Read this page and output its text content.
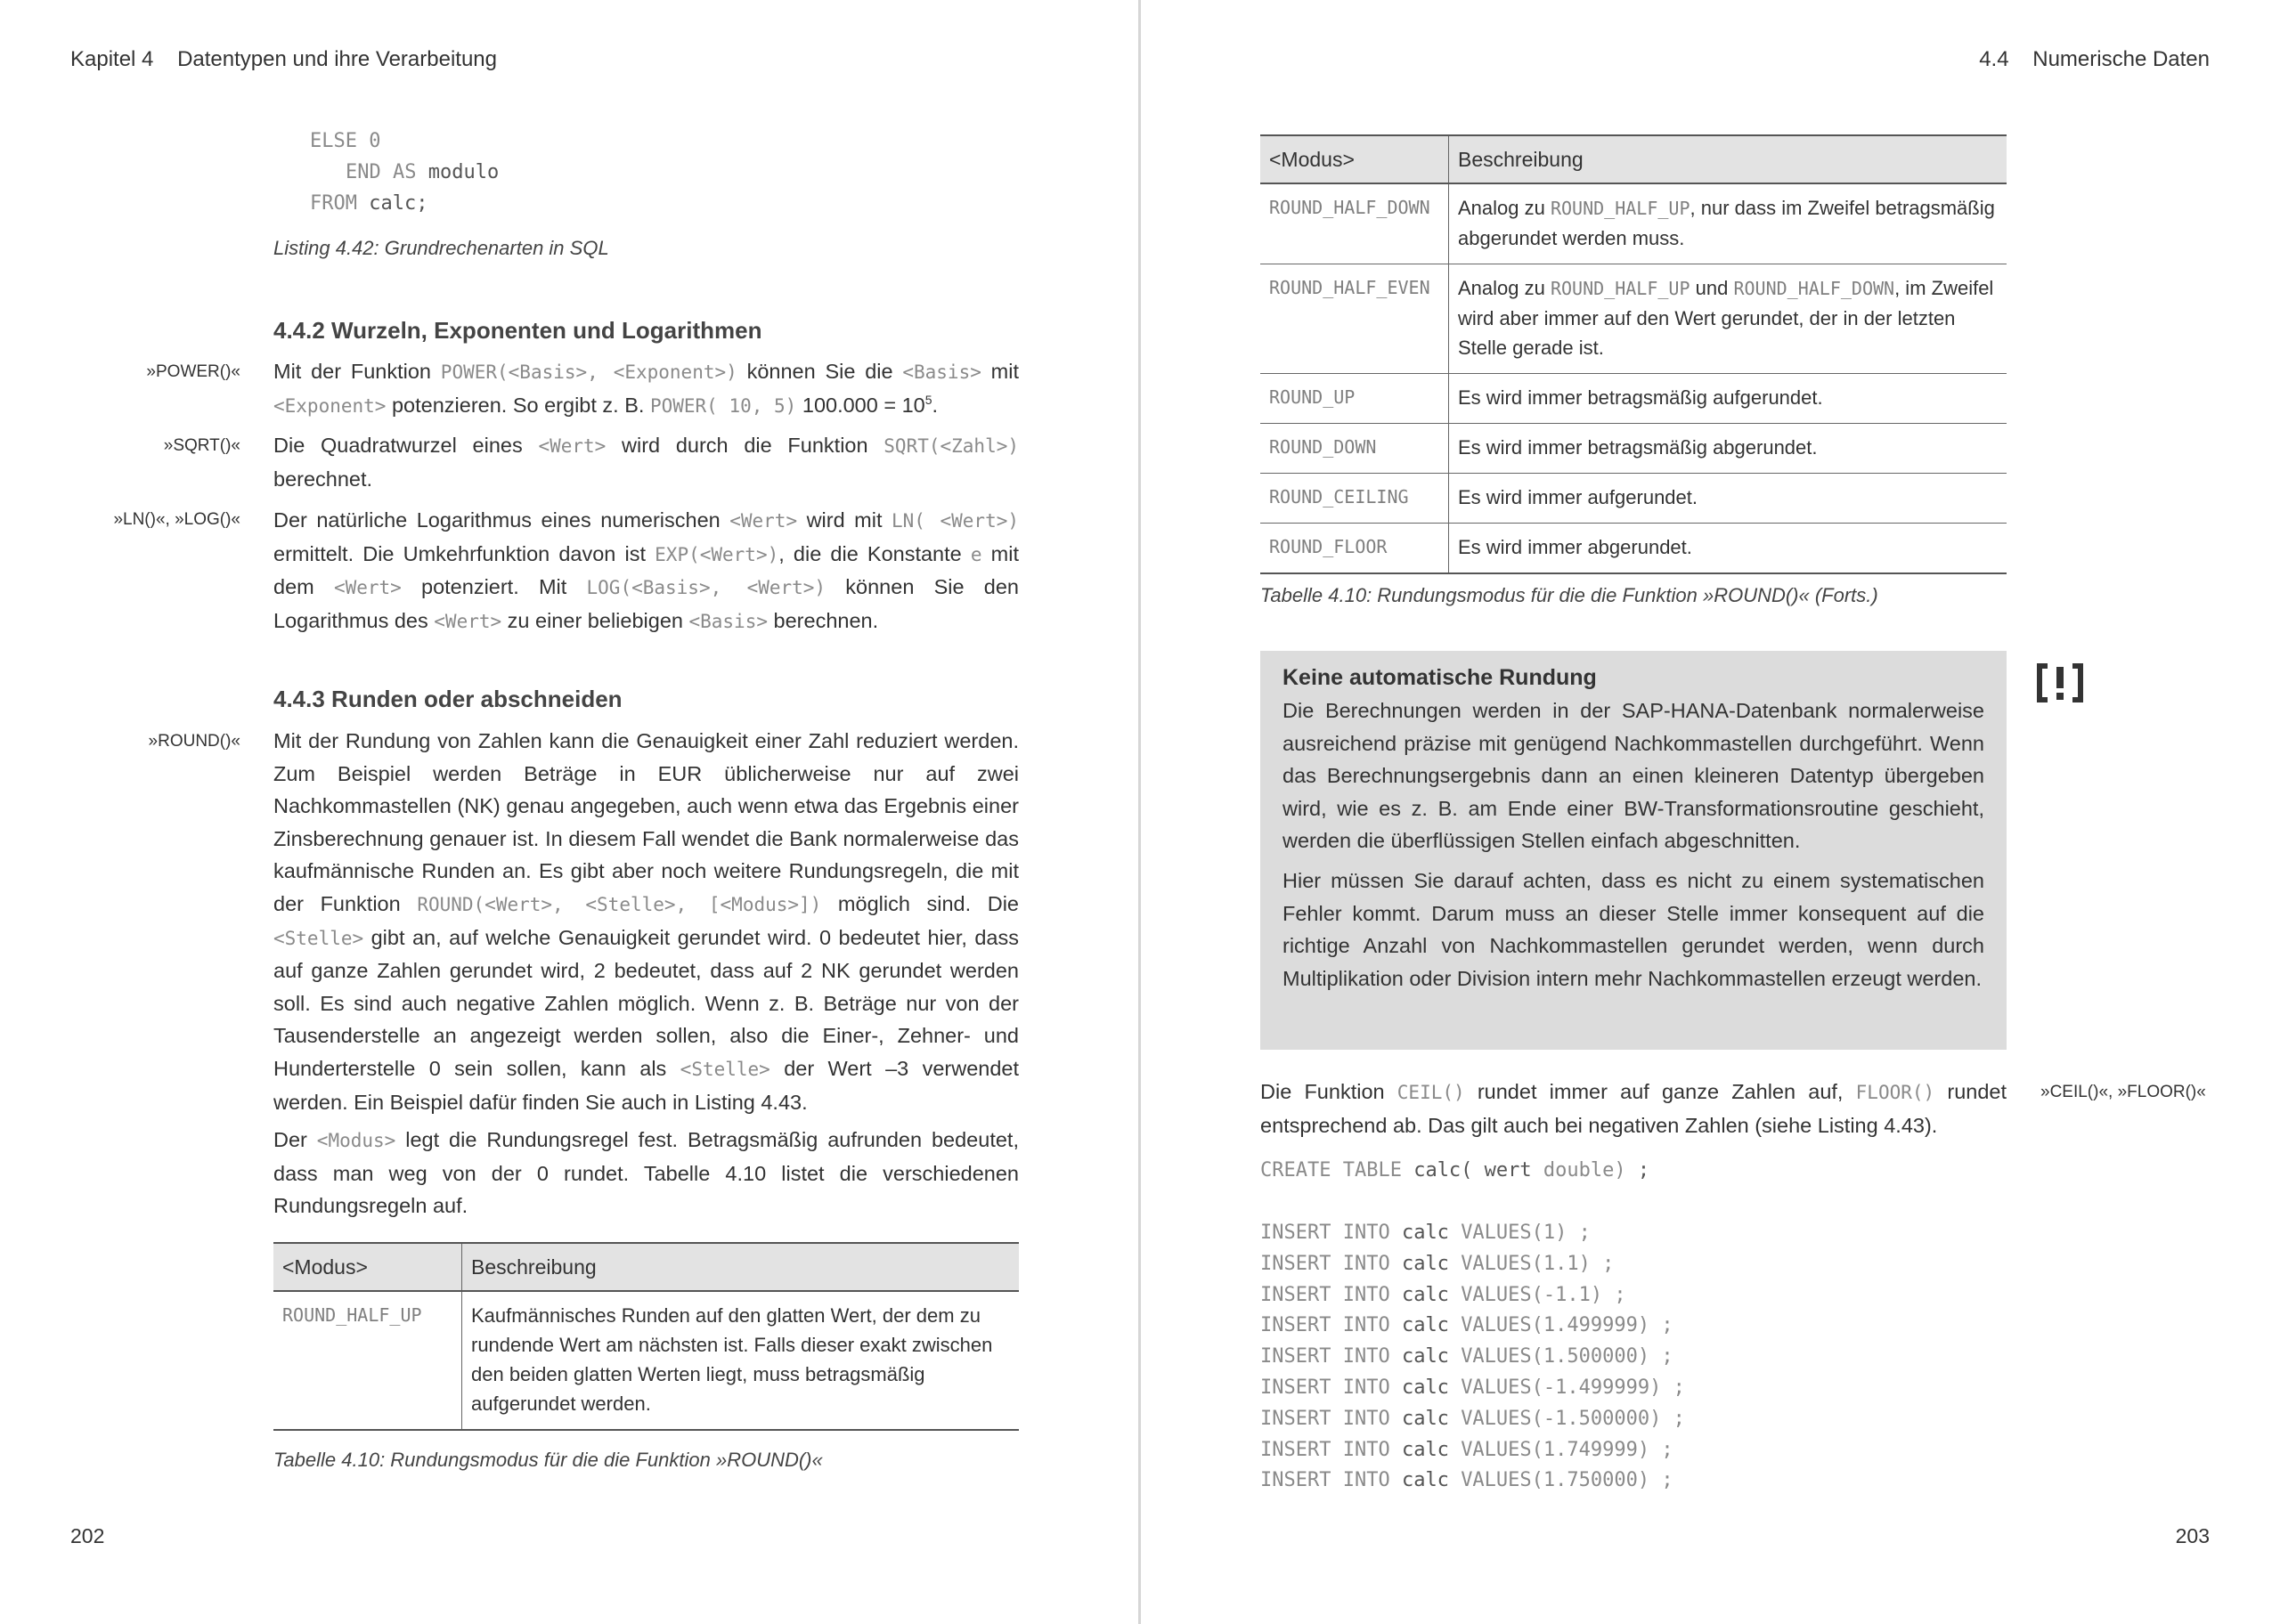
Kapitel 4 Datentypen und ihre Verarbeitung
ELSE 0
END AS modulo
FROM calc;
Listing 4.42: Grundrechenarten in SQL
4.4.2 Wurzeln, Exponenten und Logarithmen
»POWER()«
»SQRT()«
»LN()«, »LOG()«
Mit der Funktion POWER(<Basis>, <Exponent>) können Sie die <Basis> mit <Exponent> potenzieren. So ergibt z. B. POWER( 10, 5) $100.000 = 10^5$.
Die Quadratwurzel eines <Wert> wird durch die Funktion SQRT(<Zahl>) berechnet.
Der natürliche Logarithmus eines numerischen <Wert> wird mit LN( <Wert>) ermittelt. Die Umkehrfunktion davon ist EXP(<Wert>), die die Konstante e mit dem <Wert> potenziert. Mit LOG(<Basis>, <Wert>) können Sie den Logarithmus des <Wert> zu einer beliebigen <Basis> berechnen.
4.4.3 Runden oder abschneiden
»ROUND()« Mit der Rundung von Zahlen kann die Genauigkeit einer Zahl reduziert werden. Zum Beispiel werden Beträge in EUR üblicherweise nur auf zwei Nachkommastellen (NK) genau angegeben, auch wenn etwa das Ergebnis einer Zinsberechnung genauer ist. In diesem Fall wendet die Bank normalerweise das kaufmännische Runden an. Es gibt aber noch weitere Rundungsregeln, die mit der Funktion ROUND(<Wert>, <Stelle>, [<Modus>]) möglich sind. Die <Stelle> gibt an, auf welche Genauigkeit gerundet wird. 0 bedeutet hier, dass auf ganze Zahlen gerundet wird, 2 bedeutet, dass auf 2 NK gerundet werden soll. Es sind auch negative Zahlen möglich. Wenn z. B. Beträge nur von der Tausenderstelle an angezeigt werden sollen, also die Einer-, Zehner- und Hunderterstelle 0 sein sollen, kann als <Stelle> der Wert –3 verwendet werden. Ein Beispiel dafür finden Sie auch in Listing 4.43.
Der <Modus> legt die Rundungsregel fest. Betragsmäßig aufrunden bedeutet, dass man weg von der 0 rundet. Tabelle 4.10 listet die verschiedenen Rundungsregeln auf.
<Modus>	Beschreibung
ROUND_HALF_UP	Kaufmännisches Runden auf den glatten Wert, der dem zu rundende Wert am nächsten ist. Falls dieser exakt zwischen den beiden glatten Werten liegt, muss betragsmäßig aufgerundet werden.
Tabelle 4.10: Rundungsmodus für die die Funktion »ROUND()«
202
4.4 Numerische Daten
<Modus>	Beschreibung
ROUND_HALF_DOWN	Analog zu ROUND_HALF_UP, nur dass im Zweifel betragsmäßig abgerundet werden muss.
ROUND_HALF_EVEN	Analog zu ROUND_HALF_UP und ROUND_HALF_DOWN, im Zweifel wird aber immer auf den Wert gerundet, der in der letzten Stelle gerade ist.
ROUND_UP	Es wird immer betragsmäßig aufgerundet.
ROUND_DOWN	Es wird immer betragsmäßig abgerundet.
ROUND_CEILING	Es wird immer aufgerundet.
ROUND_FLOOR	Es wird immer abgerundet.
Tabelle 4.10: Rundungsmodus für die die Funktion »ROUND()« (Forts.)
Keine automatische Rundung

Die Berechnungen werden in der SAP-HANA-Datenbank normalerweise ausreichend präzise mit genügend Nachkommastellen durchgeführt. Wenn das Berechnungsergebnis dann an einen kleineren Datentyp übergeben wird, wie es z. B. am Ende einer BW-Transformationsroutine geschieht, werden die überflüssigen Stellen einfach abgeschnitten.

Hier müssen Sie darauf achten, dass es nicht zu einem systematischen Fehler kommt. Darum muss an dieser Stelle immer konsequent auf die richtige Anzahl von Nachkommastellen gerundet werden, wenn durch Multiplikation oder Division intern mehr Nachkommastellen erzeugt werden.

»CEIL()«, »FLOOR()«
Die Funktion CEIL() rundet immer auf ganze Zahlen auf, FLOOR() rundet entsprechend ab. Das gilt auch bei negativen Zahlen (siehe Listing 4.43).
CREATE TABLE calc( wert double) ;
INSERT INTO calc VALUES(1) ;
INSERT INTO calc VALUES(1.1) ;
INSERT INTO calc VALUES(-1.1) ;
INSERT INTO calc VALUES(1.499999) ;
INSERT INTO calc VALUES(1.500000) ;
INSERT INTO calc VALUES(-1.499999) ;
INSERT INTO calc VALUES(-1.500000) ;
INSERT INTO calc VALUES(1.749999) ;
INSERT INTO calc VALUES(1.750000) ;
203
